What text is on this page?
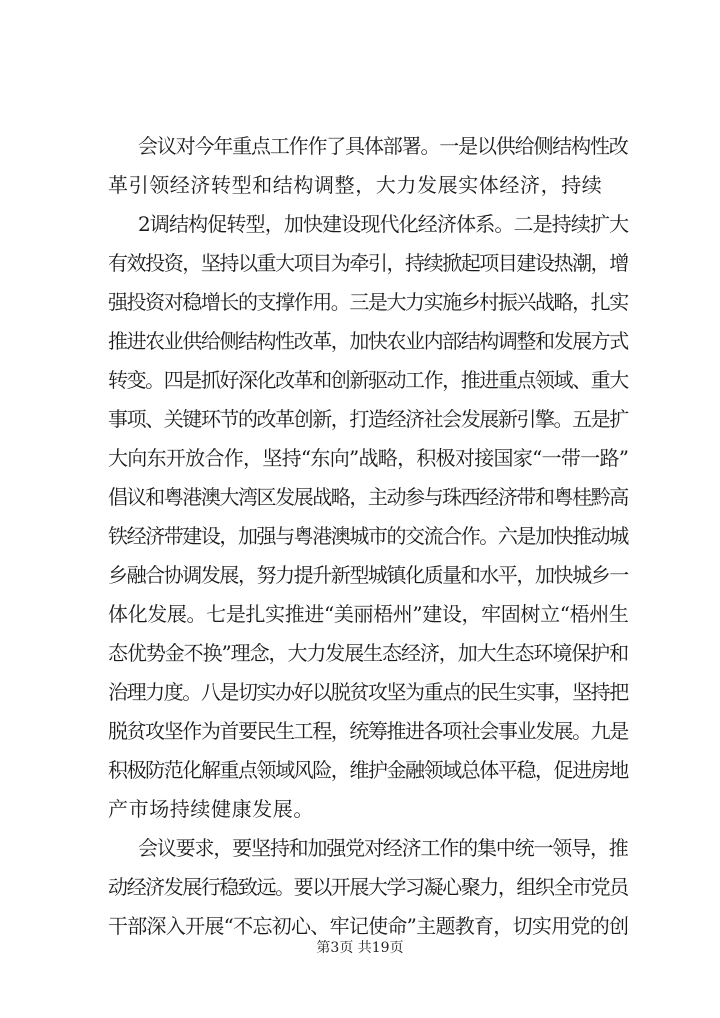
会议对今年重点工作作了具体部署。一是以供给侧结构性改
革引领经济转型和结构调整，大力发展实体经济，持续
2调结构促转型，加快建设现代化经济体系。二是持续扩大
有效投资，坚持以重大项目为牵引，持续掀起项目建设热潮，增
强投资对稳增长的支撑作用。三是大力实施乡村振兴战略，扎实
推进农业供给侧结构性改革，加快农业内部结构调整和发展方式
转变。四是抓好深化改革和创新驱动工作，推进重点领域、重大
事项、关键环节的改革创新，打造经济社会发展新引擎。五是扩
大向东开放合作，坚持“东向”战略，积极对接国家“一带一路”
倡议和粤港澳大湾区发展战略，主动参与珠西经济带和粤桂黔高
铁经济带建设，加强与粤港澳城市的交流合作。六是加快推动城
乡融合协调发展，努力提升新型城镇化质量和水平，加快城乡一
体化发展。七是扎实推进“美丽梧州”建设，牢固树立“梧州生
态优势金不换”理念，大力发展生态经济，加大生态环境保护和
治理力度。八是切实办好以脱贫攻坚为重点的民生实事，坚持把
脱贫攻坚作为首要民生工程，统筹推进各项社会事业发展。九是
积极防范化解重点领域风险，维护金融领域总体平稳，促进房地
产市场持续健康发展。
会议要求，要坚持和加强党对经济工作的集中统一领导，推
动经济发展行稳致远。要以开展大学习凝心聚力，组织全市党员
干部深入开展“不忘初心、牢记使命”主题教育，切实用党的创
第3页 共19页
